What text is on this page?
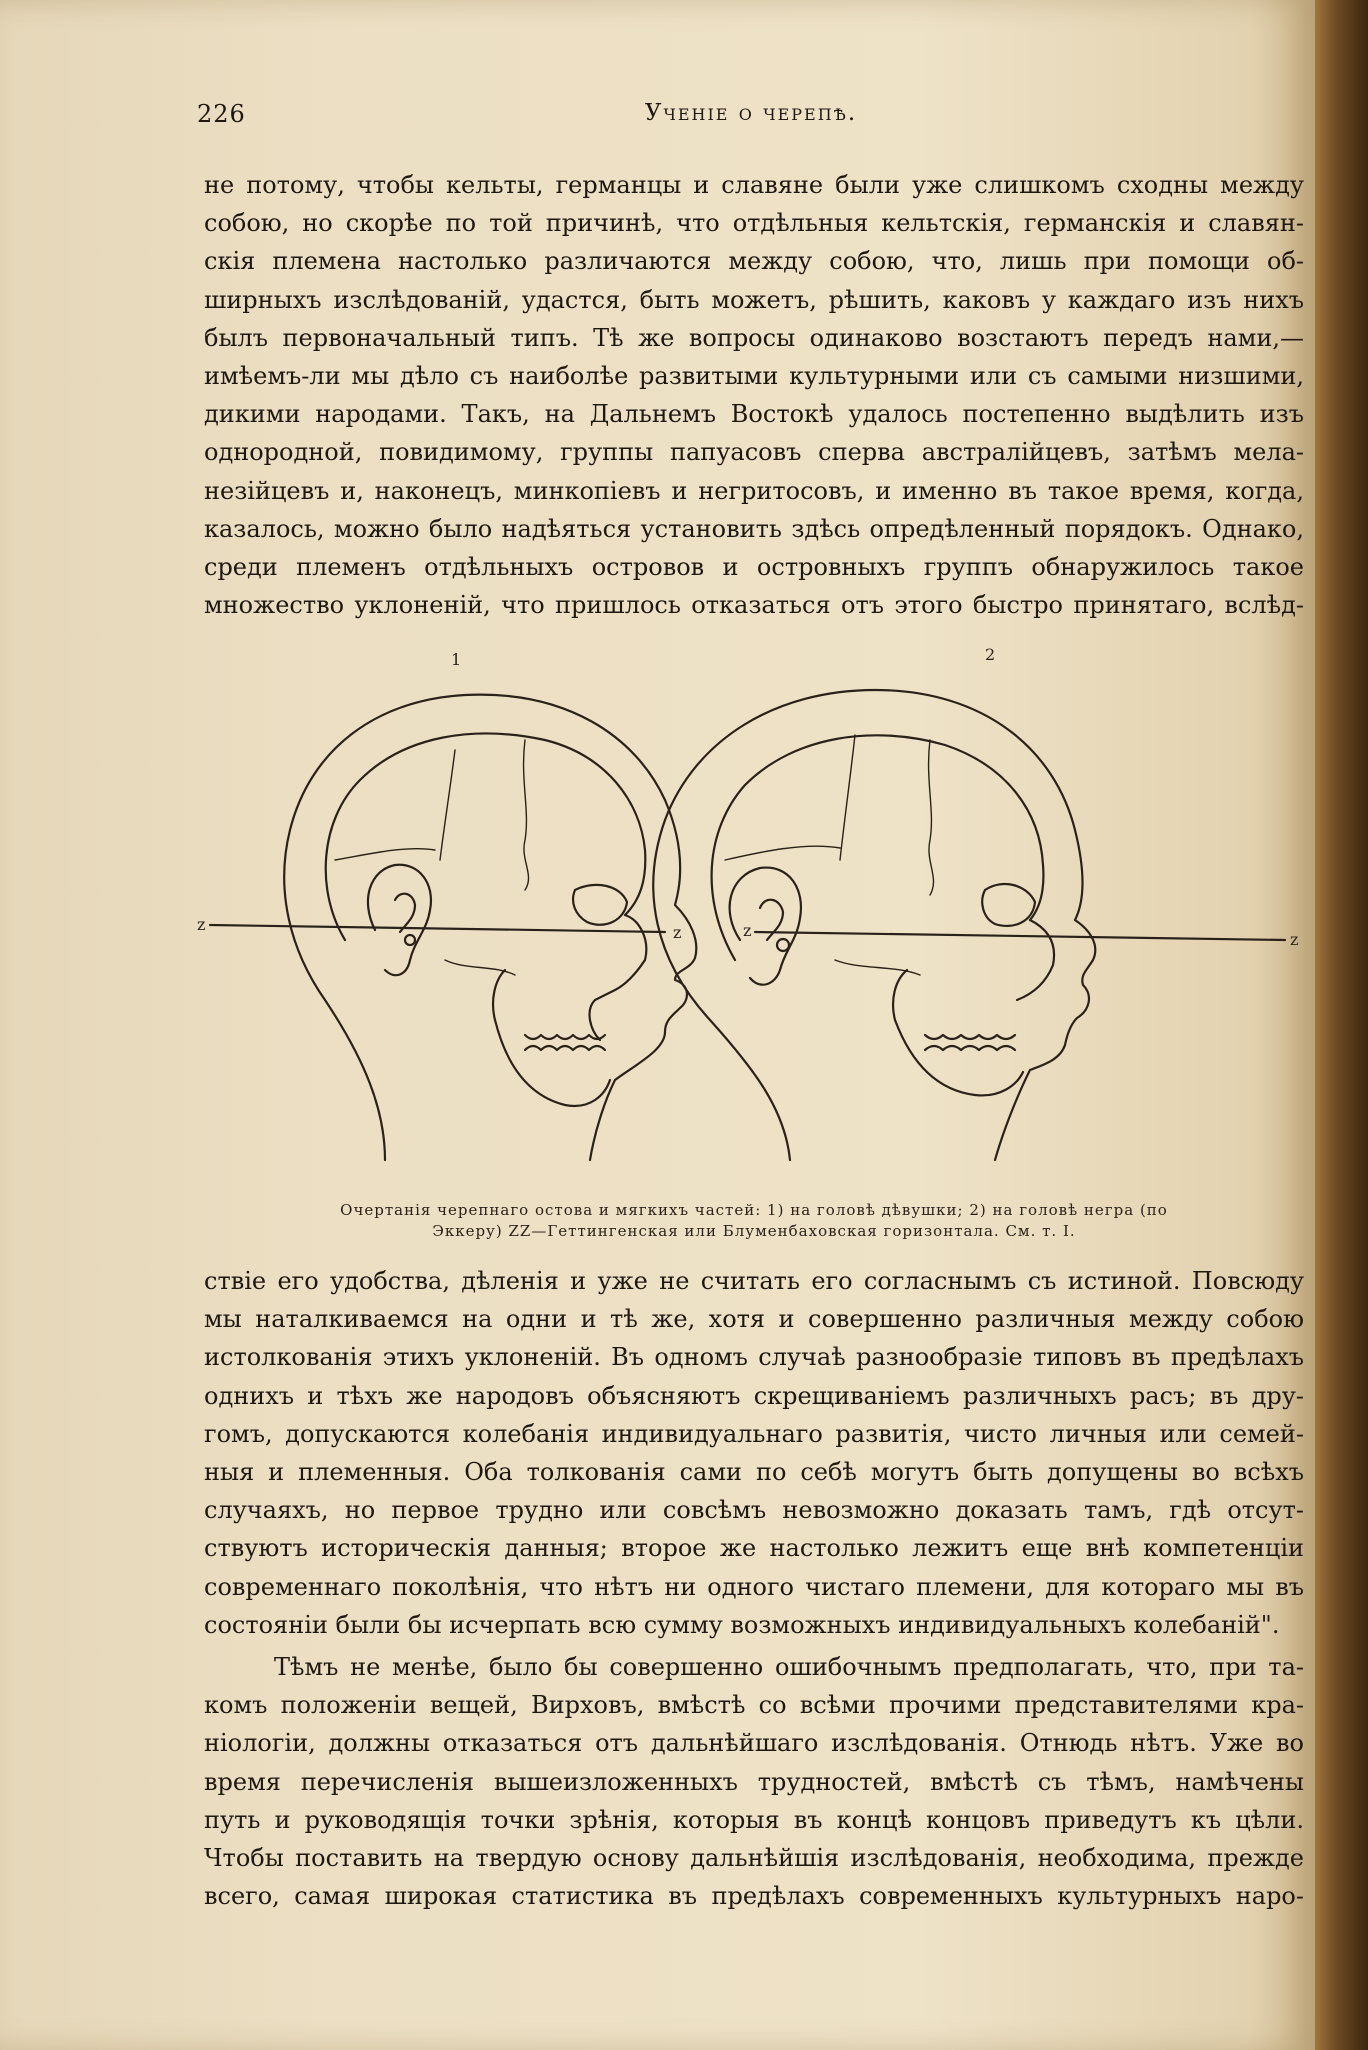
226	Ученіе о черепѣ.

не потому, чтобы кельты, германцы и славяне были уже слишкомъ сходны между
собою, но скорѣе по той причинѣ, что отдѣльныя кельтскія, германскія и славян-
скія племена настолько различаются между собою, что, лишь при помощи об-
ширныхъ изслѣдованій, удастся, быть можетъ, рѣшить, каковъ у каждаго изъ нихъ
былъ первоначальный типъ. Тѣ же вопросы одинаково возстаютъ передъ нами,—
имѣемъ-ли мы дѣло съ наиболѣе развитыми культурными или съ самыми низшими,
дикими народами. Такъ, на Дальнемъ Востокѣ удалось постепенно выдѣлить изъ
однородной, повидимому, группы папуасовъ сперва австралійцевъ, затѣмъ мела-
незійцевъ и, наконецъ, минкопіевъ и негритосовъ, и именно въ такое время, когда,
казалось, можно было надѣяться установить здѣсь опредѣленный порядокъ. Однако,
среди племенъ отдѣльныхъ островов и островныхъ группъ обнаружилось такое
множество уклоненій, что пришлось отказаться отъ этого быстро принятаго, вслѣд-

1	2
z	z	z	z
Очертанія черепнаго остова и мягкихъ частей: 1) на головѣ дѣвушки; 2) на головѣ негра (по
Эккеру) ZZ—Геттингенская или Блуменбаховская горизонтала. См. т. I.

ствіе его удобства, дѣленія и уже не считать его согласнымъ съ истиной. Повсюду
мы наталкиваемся на одни и тѣ же, хотя и совершенно различныя между собою
истолкованія этихъ уклоненій. Въ одномъ случаѣ разнообразіе типовъ въ предѣлахъ
однихъ и тѣхъ же народовъ объясняютъ скрещиваніемъ различныхъ расъ; въ дру-
гомъ, допускаются колебанія индивидуальнаго развитія, чисто личныя или семей-
ныя и племенныя. Оба толкованія сами по себѣ могутъ быть допущены во всѣхъ
случаяхъ, но первое трудно или совсѣмъ невозможно доказать тамъ, гдѣ отсут-
ствуютъ историческія данныя; второе же настолько лежитъ еще внѣ компетенціи
современнаго поколѣнія, что нѣтъ ни одного чистаго племени, для котораго мы въ
состояніи были бы исчерпать всю сумму возможныхъ индивидуальныхъ колебаній".

Тѣмъ не менѣе, было бы совершенно ошибочнымъ предполагать, что, при та-
комъ положеніи вещей, Вирховъ, вмѣстѣ со всѣми прочими представителями кра-
ніологіи, должны отказаться отъ дальнѣйшаго изслѣдованія. Отнюдь нѣтъ. Уже во
время перечисленія вышеизложенныхъ трудностей, вмѣстѣ съ тѣмъ, намѣчены
путь и руководящія точки зрѣнія, которыя въ концѣ концовъ приведутъ къ цѣли.
Чтобы поставить на твердую основу дальнѣйшія изслѣдованія, необходима, прежде
всего, самая широкая статистика въ предѣлахъ современныхъ культурныхъ наро-
